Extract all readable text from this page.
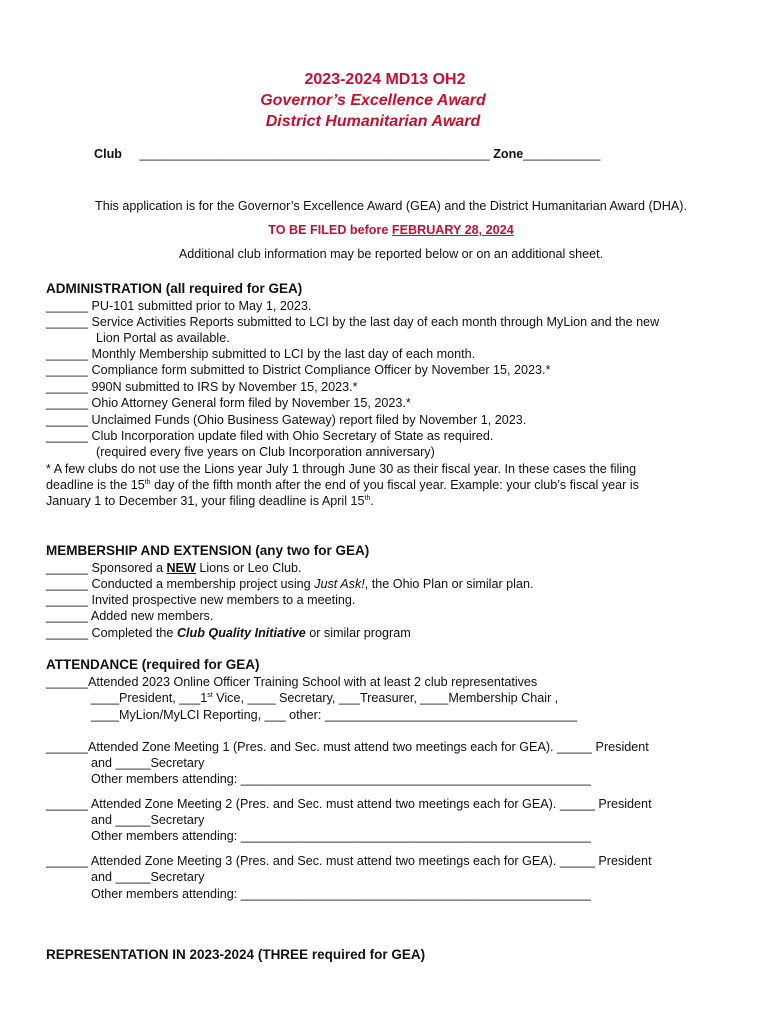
2023-2024 MD13 OH2
Governor’s Excellence Award
District Humanitarian Award
Club __________________________________________________ Zone___________
This application is for the Governor’s Excellence Award (GEA) and the District Humanitarian Award (DHA).
TO BE FILED before FEBRUARY 28, 2024
Additional club information may be reported below or on an additional sheet.
ADMINISTRATION (all required for GEA)
______ PU-101 submitted prior to May 1, 2023.
______ Service Activities Reports submitted to LCI by the last day of each month through MyLion and the new
Lion Portal as available.
______ Monthly Membership submitted to LCI by the last day of each month.
______ Compliance form submitted to District Compliance Officer by November 15, 2023.*
______ 990N submitted to IRS by November 15, 2023.*
______ Ohio Attorney General form filed by November 15, 2023.*
______ Unclaimed Funds (Ohio Business Gateway) report filed by November 1, 2023.
______ Club Incorporation update filed with Ohio Secretary of State as required.
(required every five years on Club Incorporation anniversary)
* A few clubs do not use the Lions year July 1 through June 30 as their fiscal year. In these cases the filing
deadline is the 15th day of the fifth month after the end of you fiscal year. Example: your club’s fiscal year is
January 1 to December 31, your filing deadline is April 15th.
MEMBERSHIP AND EXTENSION (any two for GEA)
______ Sponsored a NEW Lions or Leo Club.
______ Conducted a membership project using Just Ask!, the Ohio Plan or similar plan.
______ Invited prospective new members to a meeting.
______ Added new members.
______ Completed the Club Quality Initiative or similar program
ATTENDANCE (required for GEA)
______Attended 2023 Online Officer Training School with at least 2 club representatives
____President, ___1st Vice, ____ Secretary, ___Treasurer, ____Membership Chair ,
____MyLion/MyLCI Reporting, ___ other: ____________________________________
______Attended Zone Meeting 1 (Pres. and Sec. must attend two meetings each for GEA). _____ President
and _____Secretary
Other members attending: __________________________________________________
______ Attended Zone Meeting 2 (Pres. and Sec. must attend two meetings each for GEA). _____ President
and _____Secretary
Other members attending: __________________________________________________
______ Attended Zone Meeting 3 (Pres. and Sec. must attend two meetings each for GEA). _____ President
and _____Secretary
Other members attending: __________________________________________________
REPRESENTATION IN 2023-2024 (THREE required for GEA)
